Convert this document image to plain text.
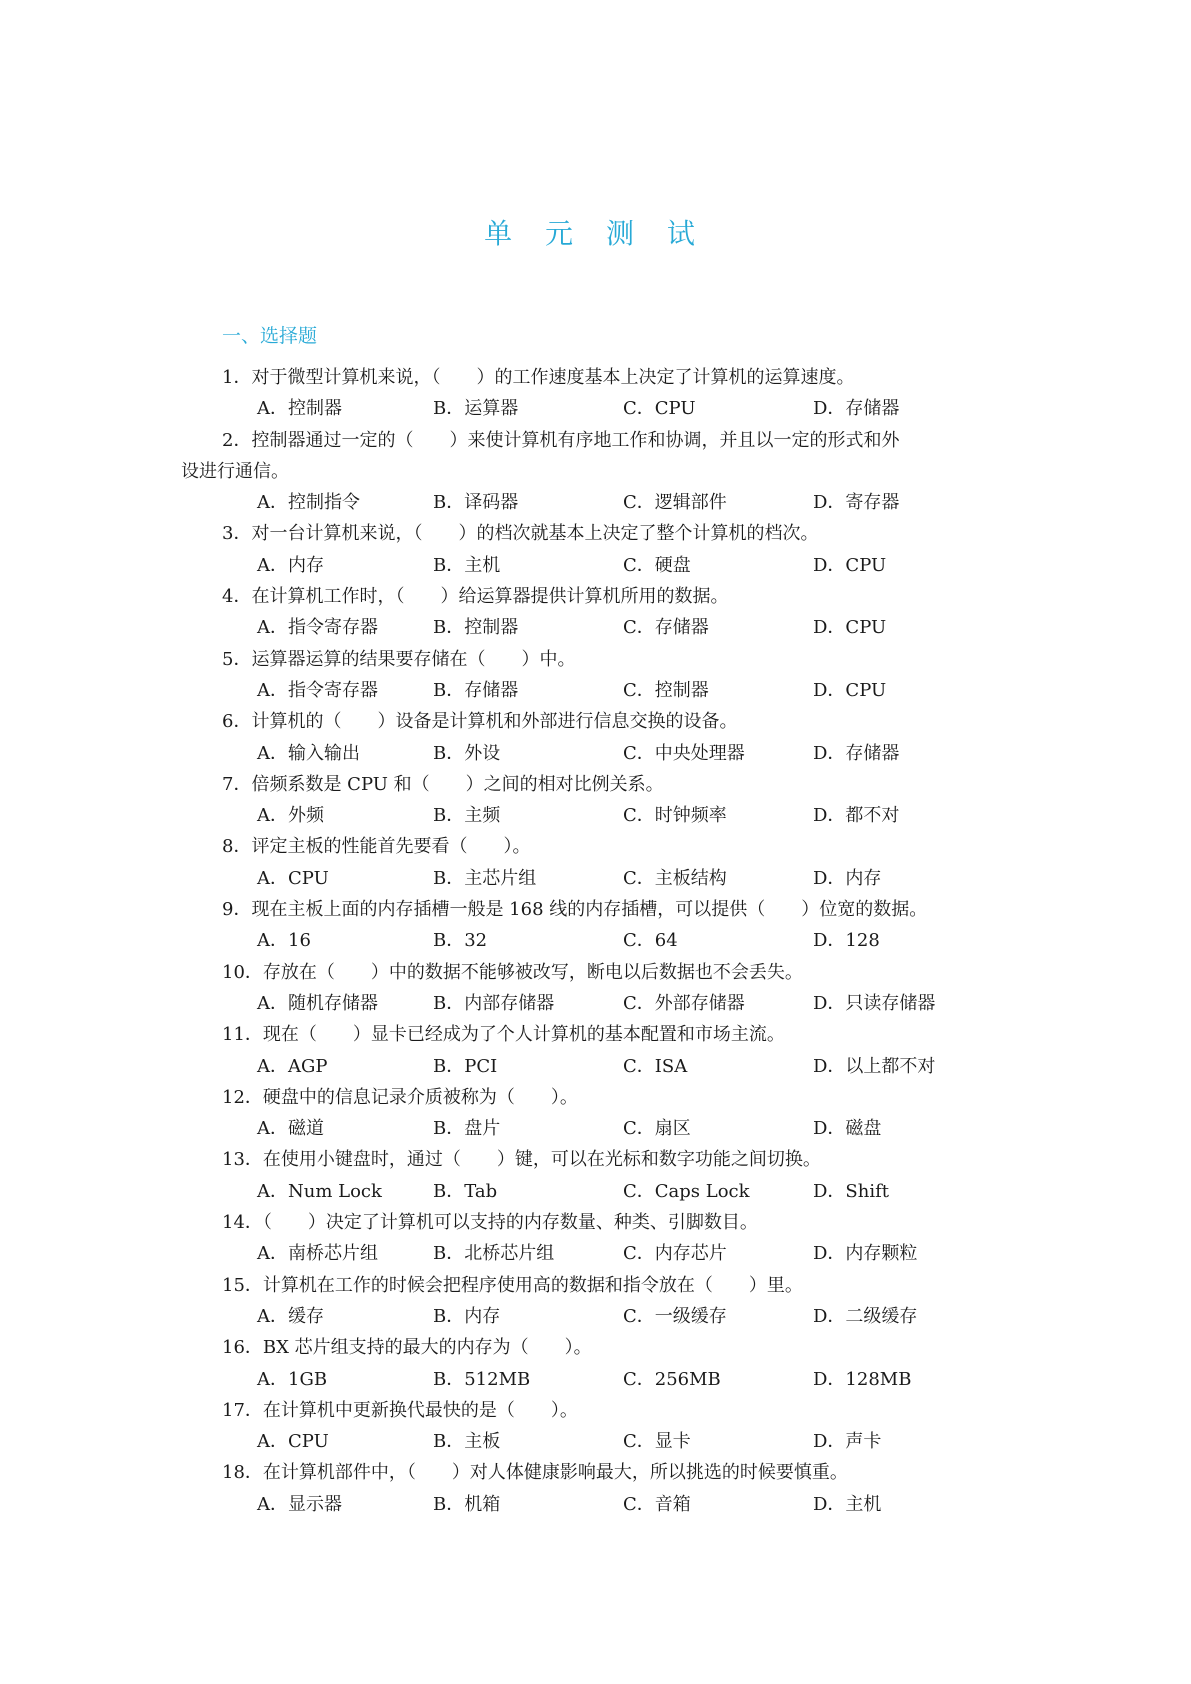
单 元 测 试
一、选择题
1．对于微型计算机来说，（　　）的工作速度基本上决定了计算机的运算速度。
A．控制器	B．运算器	C．CPU	D．存储器
2．控制器通过一定的（　　）来使计算机有序地工作和协调，并且以一定的形式和外
设进行通信。
A．控制指令	B．译码器	C．逻辑部件	D．寄存器
3．对一台计算机来说，（　　）的档次就基本上决定了整个计算机的档次。
A．内存	B．主机	C．硬盘	D．CPU
4．在计算机工作时，（　　）给运算器提供计算机所用的数据。
A．指令寄存器	B．控制器	C．存储器	D．CPU
5．运算器运算的结果要存储在（　　）中。
A．指令寄存器	B．存储器	C．控制器	D．CPU
6．计算机的（　　）设备是计算机和外部进行信息交换的设备。
A．输入输出	B．外设	C．中央处理器	D．存储器
7．倍频系数是 CPU 和（　　）之间的相对比例关系。
A．外频	B．主频	C．时钟频率	D．都不对
8．评定主板的性能首先要看（　　）。
A．CPU	B．主芯片组	C．主板结构	D．内存
9．现在主板上面的内存插槽一般是 168 线的内存插槽，可以提供（　　）位宽的数据。
A．16	B．32	C．64	D．128
10．存放在（　　）中的数据不能够被改写，断电以后数据也不会丢失。
A．随机存储器	B．内部存储器	C．外部存储器	D．只读存储器
11．现在（　　）显卡已经成为了个人计算机的基本配置和市场主流。
A．AGP	B．PCI	C．ISA	D．以上都不对
12．硬盘中的信息记录介质被称为（　　）。
A．磁道	B．盘片	C．扇区	D．磁盘
13．在使用小键盘时，通过（　　）键，可以在光标和数字功能之间切换。
A．Num Lock	B．Tab	C．Caps Lock	D．Shift
14．（　　）决定了计算机可以支持的内存数量、种类、引脚数目。
A．南桥芯片组	B．北桥芯片组	C．内存芯片	D．内存颗粒
15．计算机在工作的时候会把程序使用高的数据和指令放在（　　）里。
A．缓存	B．内存	C．一级缓存	D．二级缓存
16．BX 芯片组支持的最大的内存为（　　）。
A．1GB	B．512MB	C．256MB	D．128MB
17．在计算机中更新换代最快的是（　　）。
A．CPU	B．主板	C．显卡	D．声卡
18．在计算机部件中，（　　）对人体健康影响最大，所以挑选的时候要慎重。
A．显示器	B．机箱	C．音箱	D．主机
